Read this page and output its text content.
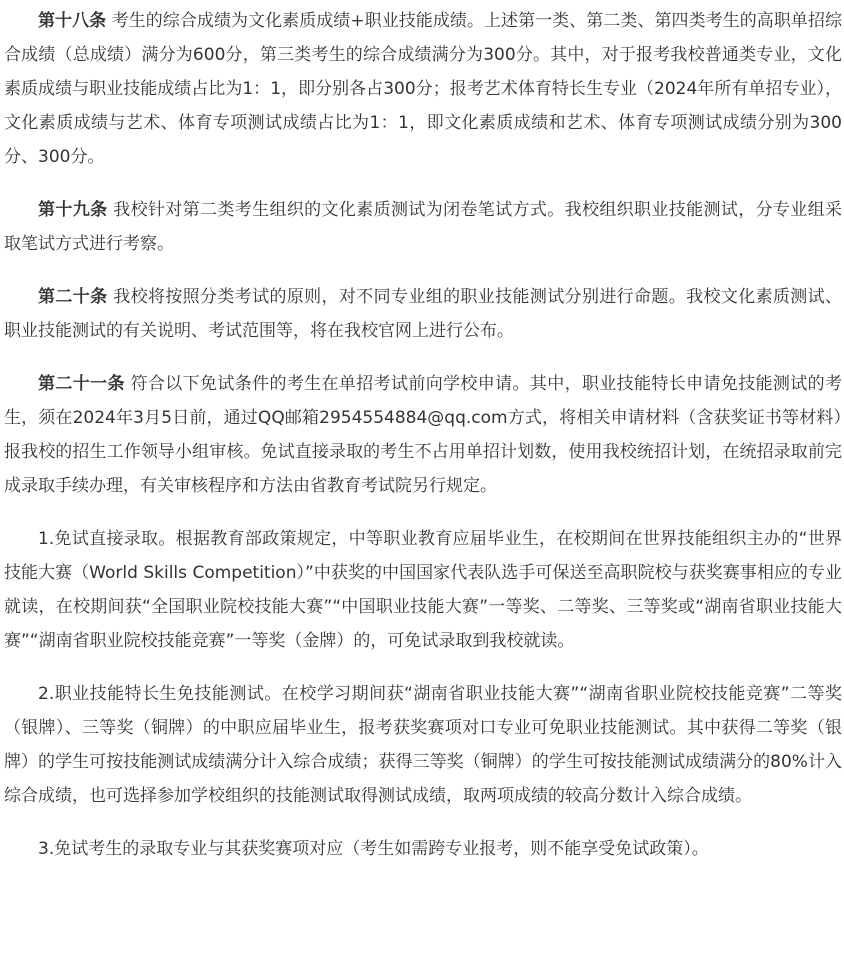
第十八条 考生的综合成绩为文化素质成绩+职业技能成绩。上述第一类、第二类、第四类考生的高职单招综合成绩（总成绩）满分为600分，第三类考生的综合成绩满分为300分。其中，对于报考我校普通类专业，文化素质成绩与职业技能成绩占比为1：1，即分别各占300分；报考艺术体育特长生专业（2024年所有单招专业），文化素质成绩与艺术、体育专项测试成绩占比为1：1，即文化素质成绩和艺术、体育专项测试成绩分别为300分、300分。

第十九条 我校针对第二类考生组织的文化素质测试为闭卷笔试方式。我校组织职业技能测试，分专业组采取笔试方式进行考察。

第二十条 我校将按照分类考试的原则，对不同专业组的职业技能测试分别进行命题。我校文化素质测试、职业技能测试的有关说明、考试范围等，将在我校官网上进行公布。

第二十一条 符合以下免试条件的考生在单招考试前向学校申请。其中，职业技能特长申请免技能测试的考生，须在2024年3月5日前，通过QQ邮箱2954554884@qq.com方式，将相关申请材料（含获奖证书等材料）报我校的招生工作领导小组审核。免试直接录取的考生不占用单招计划数，使用我校统招计划，在统招录取前完成录取手续办理，有关审核程序和方法由省教育考试院另行规定。

1.免试直接录取。根据教育部政策规定，中等职业教育应届毕业生，在校期间在世界技能组织主办的“世界技能大赛（World Skills Competition）”中获奖的中国国家代表队选手可保送至高职院校与获奖赛事相应的专业就读，在校期间获“全国职业院校技能大赛”“中国职业技能大赛”一等奖、二等奖、三等奖或“湖南省职业技能大赛”“湖南省职业院校技能竞赛”一等奖（金牌）的，可免试录取到我校就读。

2.职业技能特长生免技能测试。在校学习期间获“湖南省职业技能大赛”“湖南省职业院校技能竞赛”二等奖（银牌）、三等奖（铜牌）的中职应届毕业生，报考获奖赛项对口专业可免职业技能测试。其中获得二等奖（银牌）的学生可按技能测试成绩满分计入综合成绩；获得三等奖（铜牌）的学生可按技能测试成绩满分的80%计入综合成绩，也可选择参加学校组织的技能测试取得测试成绩，取两项成绩的较高分数计入综合成绩。

3.免试考生的录取专业与其获奖赛项对应（考生如需跨专业报考，则不能享受免试政策）。
